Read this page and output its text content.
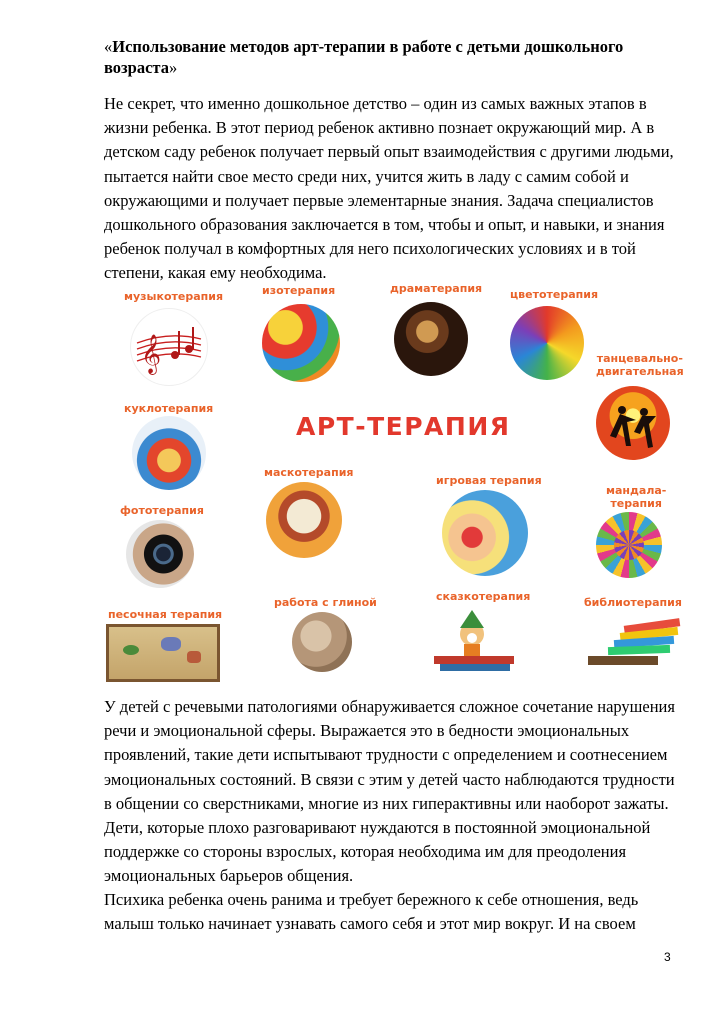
«Использование методов арт-терапии в работе с детьми дошкольного возраста»

Не секрет, что именно дошкольное детство – один из самых важных этапов в жизни ребенка. В этот период ребенок активно познает окружающий мир. А в детском саду ребенок получает первый опыт взаимодействия с другими людьми, пытается найти свое место среди них, учится жить в ладу с самим собой и окружающими и получает первые элементарные знания. Задача специалистов дошкольного образования заключается в том, чтобы и опыт, и навыки, и знания ребенок получал в комфортных для него психологических условиях и в той степени, какая ему необходима.

АРТ-ТЕРАПИЯ
музыкотерапия
𝄞
изотерапия	драматерапия	цветотерапия
танцевально-
двигательная
куклотерапия
маскотерапия
игровая терапия
мандала-
терапия
фототерапия
песочная терапия
работа с глиной	сказкотерапия	библиотерапия

У детей с речевыми патологиями обнаруживается сложное сочетание нарушения речи и эмоциональной сферы. Выражается это в бедности эмоциональных проявлений, такие дети испытывают трудности с определением и соотнесением эмоциональных состояний. В связи с этим у детей часто наблюдаются трудности в общении со сверстниками, многие из них гиперактивны или наоборот зажаты. Дети, которые плохо разговаривают нуждаются в постоянной эмоциональной поддержке со стороны взрослых, которая необходима им для преодоления эмоциональных барьеров общения.

Психика ребенка очень ранима и требует бережного к себе отношения, ведь малыш только начинает узнавать самого себя и этот мир вокруг. И на своем

3
